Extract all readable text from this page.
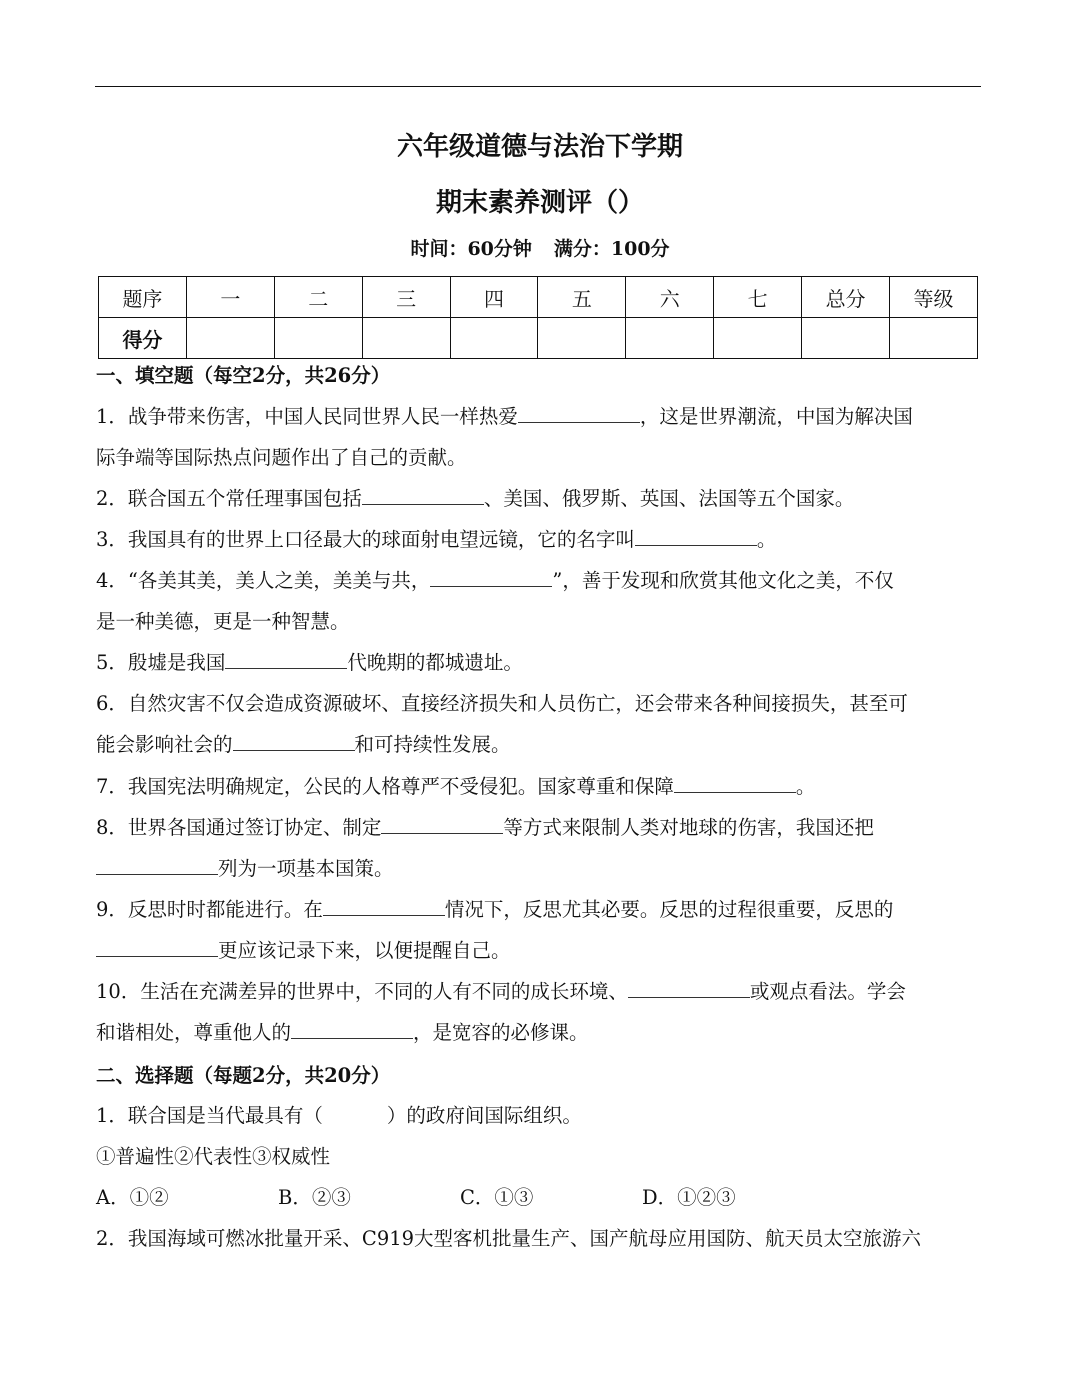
六年级道德与法治下学期
期末素养测评（）
时间：60分钟 满分：100分
题序	一	二	三	四	五	六	七	总分	等级
得分									
一、填空题（每空2分，共26分）
1．战争带来伤害，中国人民同世界人民一样热爱	，这是世界潮流，中国为解决国
际争端等国际热点问题作出了自己的贡献。
2．联合国五个常任理事国包括	、美国、俄罗斯、英国、法国等五个国家。
3．我国具有的世界上口径最大的球面射电望远镜，它的名字叫	。
4．“各美其美，美人之美，美美与共，	”，善于发现和欣赏其他文化之美，不仅
是一种美德，更是一种智慧。
5．殷墟是我国	代晚期的都城遗址。
6．自然灾害不仅会造成资源破坏、直接经济损失和人员伤亡，还会带来各种间接损失，甚至可
能会影响社会的	和可持续性发展。
7．我国宪法明确规定，公民的人格尊严不受侵犯。国家尊重和保障	。
8．世界各国通过签订协定、制定	等方式来限制人类对地球的伤害，我国还把
列为一项基本国策。
9．反思时时都能进行。在	情况下，反思尤其必要。反思的过程很重要，反思的
更应该记录下来，以便提醒自己。
10．生活在充满差异的世界中，不同的人有不同的成长环境、	或观点看法。学会
和谐相处，尊重他人的	，是宽容的必修课。
二、选择题（每题2分，共20分）
1．联合国是当代最具有（	）的政府间国际组织。
①普遍性②代表性③权威性
A．①②	B．②③	C．①③	D．①②③
2．我国海域可燃冰批量开采、C919大型客机批量生产、国产航母应用国防、航天员太空旅游六
